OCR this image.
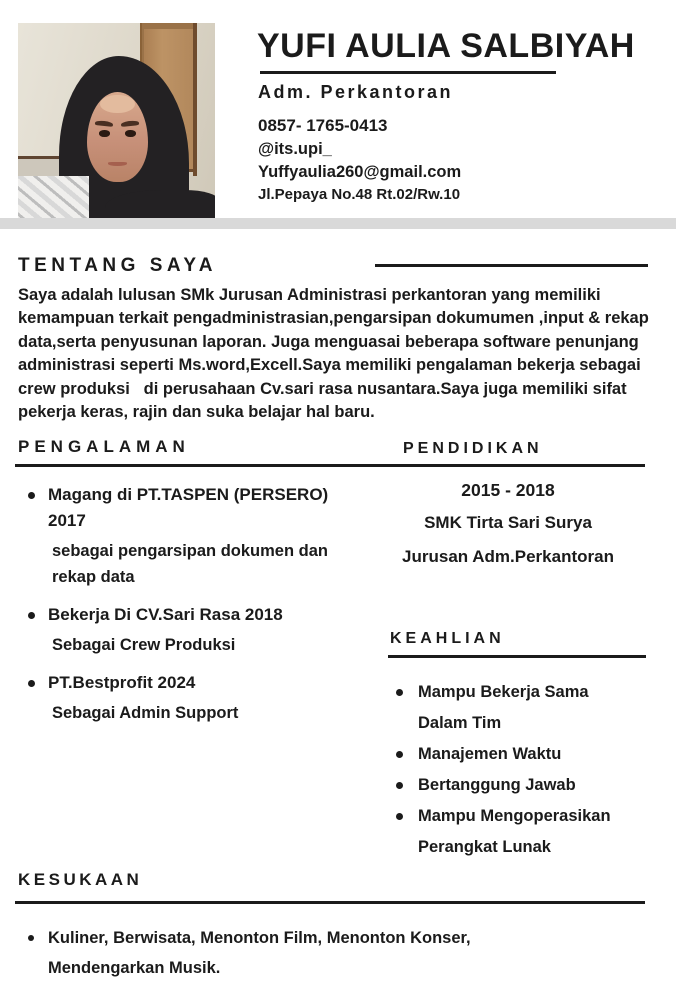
YUFI AULIA SALBIYAH
Adm. Perkantoran
0857- 1765-0413
@its.upi_
Yuffyaulia260@gmail.com
Jl.Pepaya No.48 Rt.02/Rw.10
TENTANG SAYA

Saya adalah lulusan SMk Jurusan Administrasi perkantoran yang memiliki kemampuan terkait pengadministrasian,pengarsipan dokumumen ,input & rekap data,serta penyusunan laporan. Juga menguasai beberapa software penunjang administrasi seperti Ms.word,Excell.Saya memiliki pengalaman bekerja sebagai crew produksi   di perusahaan Cv.sari rasa nusantara.Saya juga memiliki sifat pekerja keras, rajin dan suka belajar hal baru.

PENGALAMAN	PENDIDIKAN
Magang di PT.TASPEN (PERSERO) 2017
sebagai pengarsipan dokumen dan rekap data
Bekerja Di CV.Sari Rasa 2018
Sebagai Crew Produksi
PT.Bestprofit 2024
Sebagai Admin Support
2015 - 2018
SMK Tirta Sari Surya
Jurusan Adm.Perkantoran
KEAHLIAN
Mampu Bekerja Sama Dalam Tim
Manajemen Waktu
Bertanggung Jawab
Mampu Mengoperasikan Perangkat Lunak
KESUKAAN
Kuliner, Berwisata, Menonton Film, Menonton Konser, Mendengarkan Musik.
